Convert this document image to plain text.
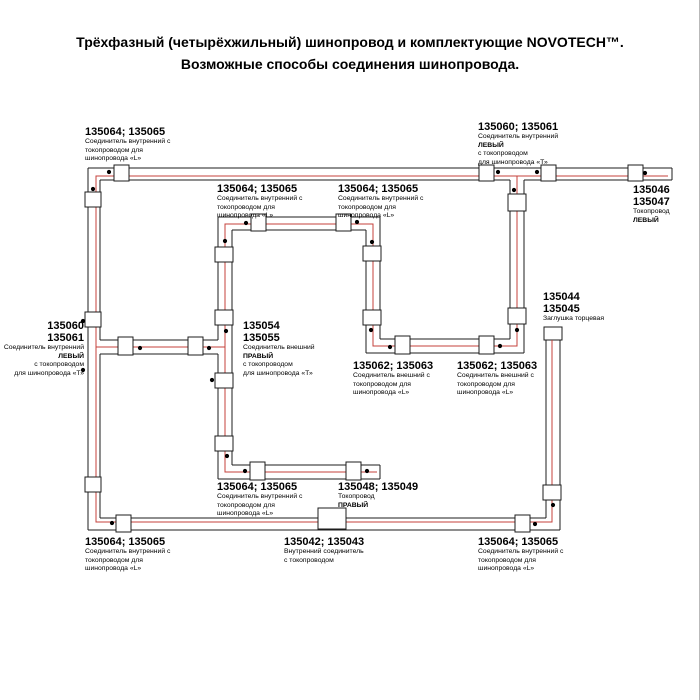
Трёхфазный (четырёхжильный) шинопровод и комплектующие NOVOTECH™.
Возможные способы соединения шинопровода.
135064; 135065
Соединитель внутренний с
токопроводом для
шинопровода «L»
135064; 135065
Соединитель внутренний с
токопроводом для
шинопровода «L»
135064; 135065
Соединитель внутренний с
токопроводом для
шинопровода «L»
135060; 135061
Соединитель внутренний
ЛЕВЫЙ
с токопроводом
для шинопровода «Т»
135046
135047
Токопровод
ЛЕВЫЙ
135044
135045
Заглушка торцевая
135060
135061
Соединитель внутренний
ЛЕВЫЙ
с токопроводом
для шинопровода «Т»
135054
135055
Соединитель внешний
ПРАВЫЙ
с токопроводом
для шинопровода «Т»
135062; 135063
Соединитель внешний с
токопроводом для
шинопровода «L»
135062; 135063
Соединитель внешний с
токопроводом для
шинопровода «L»
135064; 135065
Соединитель внутренний с
токопроводом для
шинопровода «L»
135048; 135049
Токопровод
ПРАВЫЙ
135064; 135065
Соединитель внутренний с
токопроводом для
шинопровода «L»
135042; 135043
Внутренний соединитель
с токопроводом
135064; 135065
Соединитель внутренний с
токопроводом для
шинопровода «L»
